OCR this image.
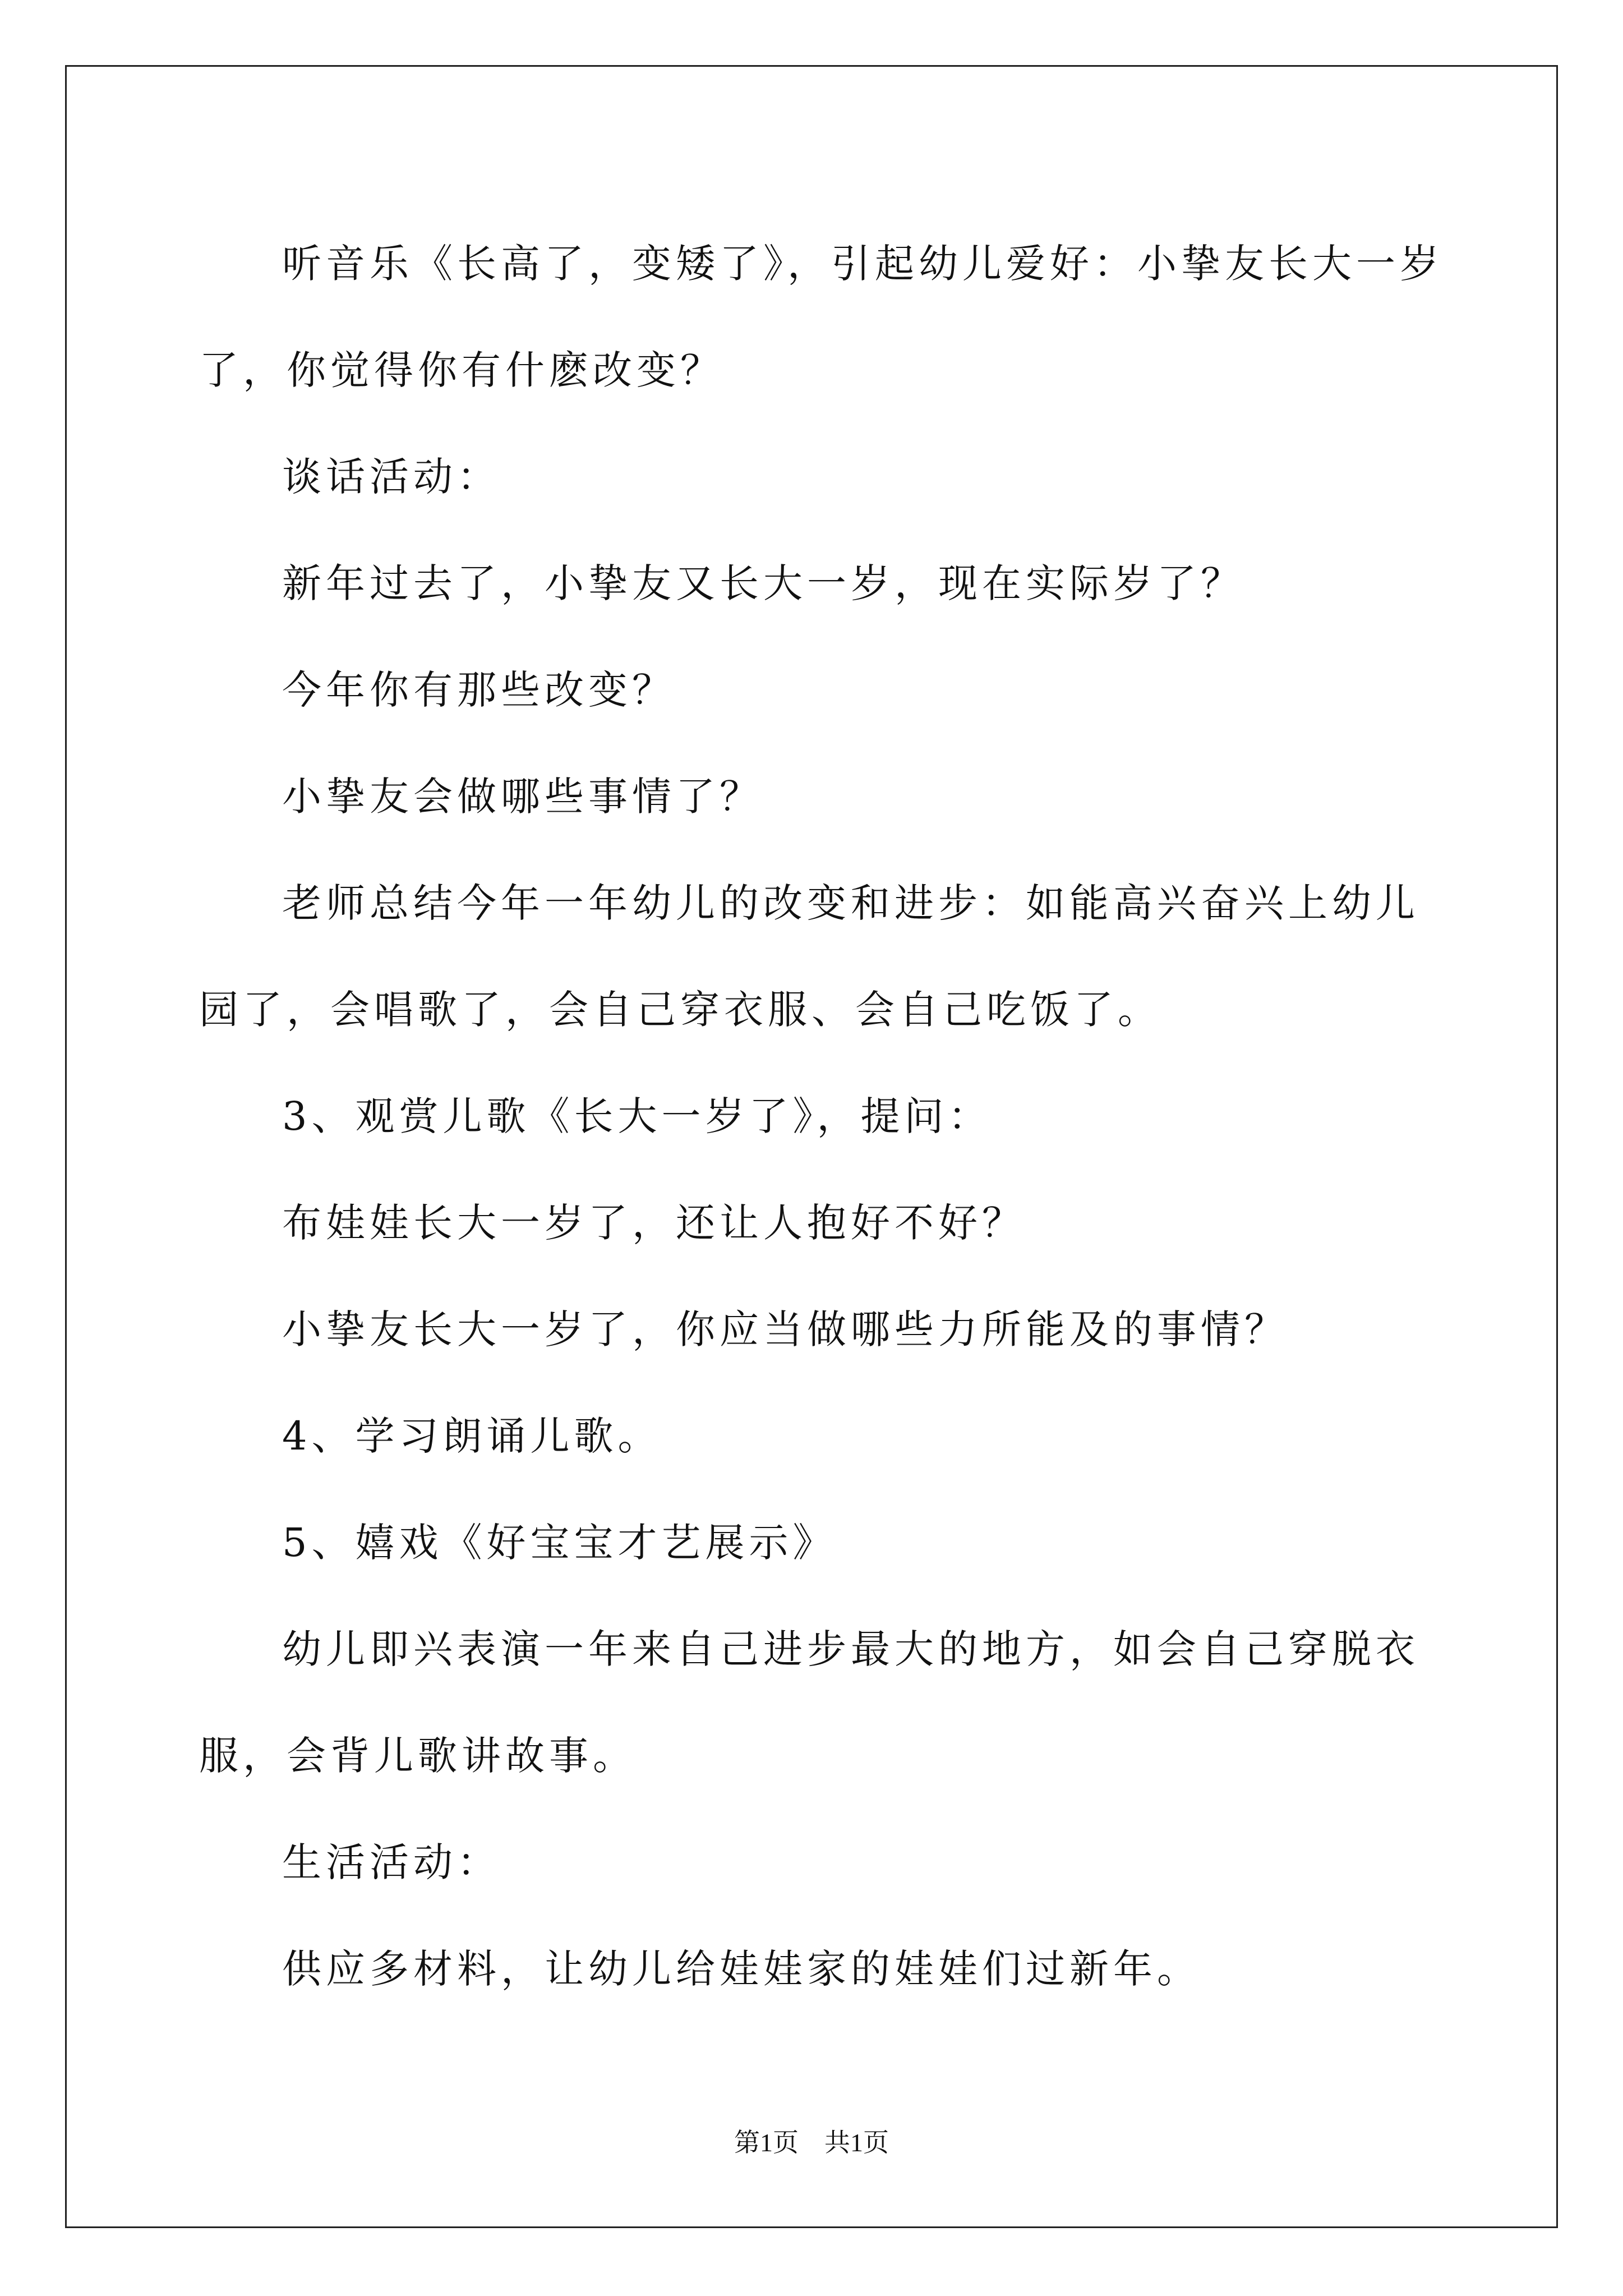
听音乐《长高了，变矮了》，引起幼儿爱好：小挚友长大一岁了，你觉得你有什麽改变？

谈话活动：

新年过去了，小挚友又长大一岁，现在实际岁了？

今年你有那些改变？

小挚友会做哪些事情了？

老师总结今年一年幼儿的改变和进步：如能高兴奋兴上幼儿园了，会唱歌了，会自己穿衣服、会自己吃饭了。

3、观赏儿歌《长大一岁了》，提问：

布娃娃长大一岁了，还让人抱好不好？

小挚友长大一岁了，你应当做哪些力所能及的事情？

4、学习朗诵儿歌。

5、嬉戏《好宝宝才艺展示》

幼儿即兴表演一年来自己进步最大的地方，如会自己穿脱衣服，会背儿歌讲故事。

生活活动：

供应多材料，让幼儿给娃娃家的娃娃们过新年。

第1页　共1页
